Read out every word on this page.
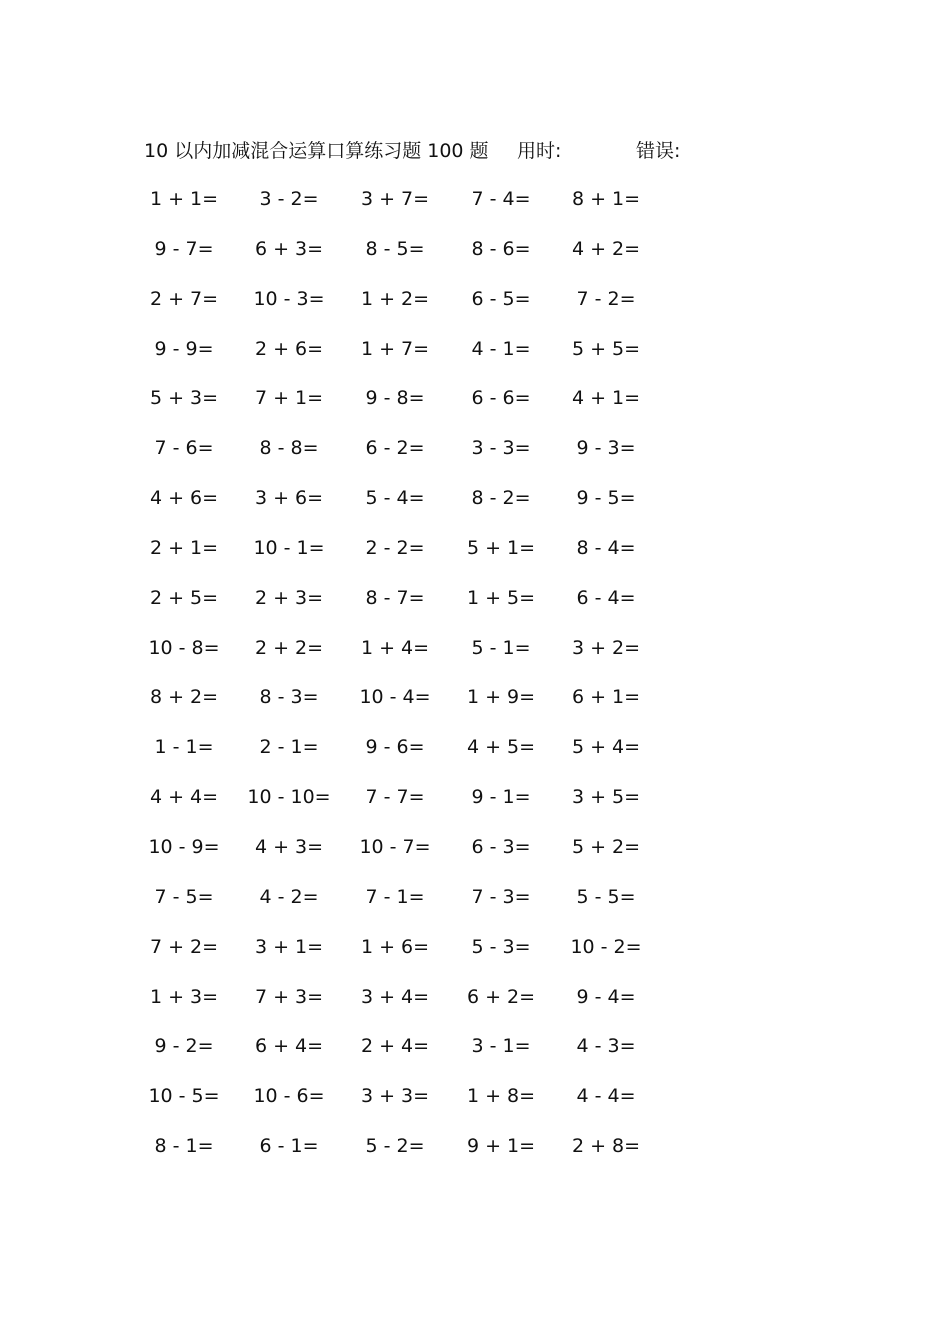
10 以内加减混合运算口算练习题 100 题 用时:	错误:
1 + 1=	3 - 2=	3 + 7=	7 - 4=	8 + 1=
9 - 7=	6 + 3=	8 - 5=	8 - 6=	4 + 2=
2 + 7=	10 - 3=	1 + 2=	6 - 5=	7 - 2=
9 - 9=	2 + 6=	1 + 7=	4 - 1=	5 + 5=
5 + 3=	7 + 1=	9 - 8=	6 - 6=	4 + 1=
7 - 6=	8 - 8=	6 - 2=	3 - 3=	9 - 3=
4 + 6=	3 + 6=	5 - 4=	8 - 2=	9 - 5=
2 + 1=	10 - 1=	2 - 2=	5 + 1=	8 - 4=
2 + 5=	2 + 3=	8 - 7=	1 + 5=	6 - 4=
10 - 8=	2 + 2=	1 + 4=	5 - 1=	3 + 2=
8 + 2=	8 - 3=	10 - 4=	1 + 9=	6 + 1=
1 - 1=	2 - 1=	9 - 6=	4 + 5=	5 + 4=
4 + 4=	10 - 10=	7 - 7=	9 - 1=	3 + 5=
10 - 9=	4 + 3=	10 - 7=	6 - 3=	5 + 2=
7 - 5=	4 - 2=	7 - 1=	7 - 3=	5 - 5=
7 + 2=	3 + 1=	1 + 6=	5 - 3=	10 - 2=
1 + 3=	7 + 3=	3 + 4=	6 + 2=	9 - 4=
9 - 2=	6 + 4=	2 + 4=	3 - 1=	4 - 3=
10 - 5=	10 - 6=	3 + 3=	1 + 8=	4 - 4=
8 - 1=	6 - 1=	5 - 2=	9 + 1=	2 + 8=
